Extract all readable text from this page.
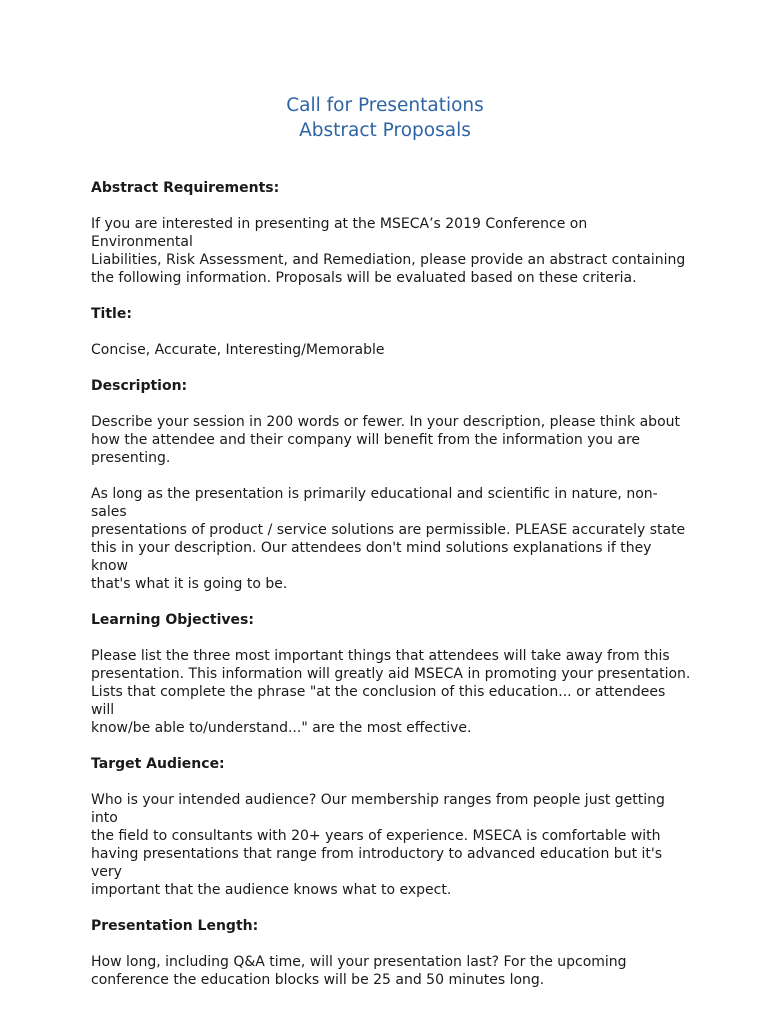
Call for Presentations
Abstract Proposals

Abstract Requirements:

If you are interested in presenting at the MSECA’s 2019 Conference on Environmental

Liabilities, Risk Assessment, and Remediation, please provide an abstract containing

the following information. Proposals will be evaluated based on these criteria.

Title:

Concise, Accurate, Interesting/Memorable

Description:

Describe your session in 200 words or fewer. In your description, please think about

how the attendee and their company will benefit from the information you are

presenting.

As long as the presentation is primarily educational and scientific in nature, non-sales

presentations of product / service solutions are permissible. PLEASE accurately state

this in your description. Our attendees don't mind solutions explanations if they know

that's what it is going to be.

Learning Objectives:

Please list the three most important things that attendees will take away from this

presentation. This information will greatly aid MSECA in promoting your presentation.

Lists that complete the phrase "at the conclusion of this education... or attendees will

know/be able to/understand..." are the most effective.

Target Audience:

Who is your intended audience? Our membership ranges from people just getting into

the field to consultants with 20+ years of experience. MSECA is comfortable with

having presentations that range from introductory to advanced education but it's very

important that the audience knows what to expect.

Presentation Length:

How long, including Q&A time, will your presentation last? For the upcoming

conference the education blocks will be 25 and 50 minutes long.
